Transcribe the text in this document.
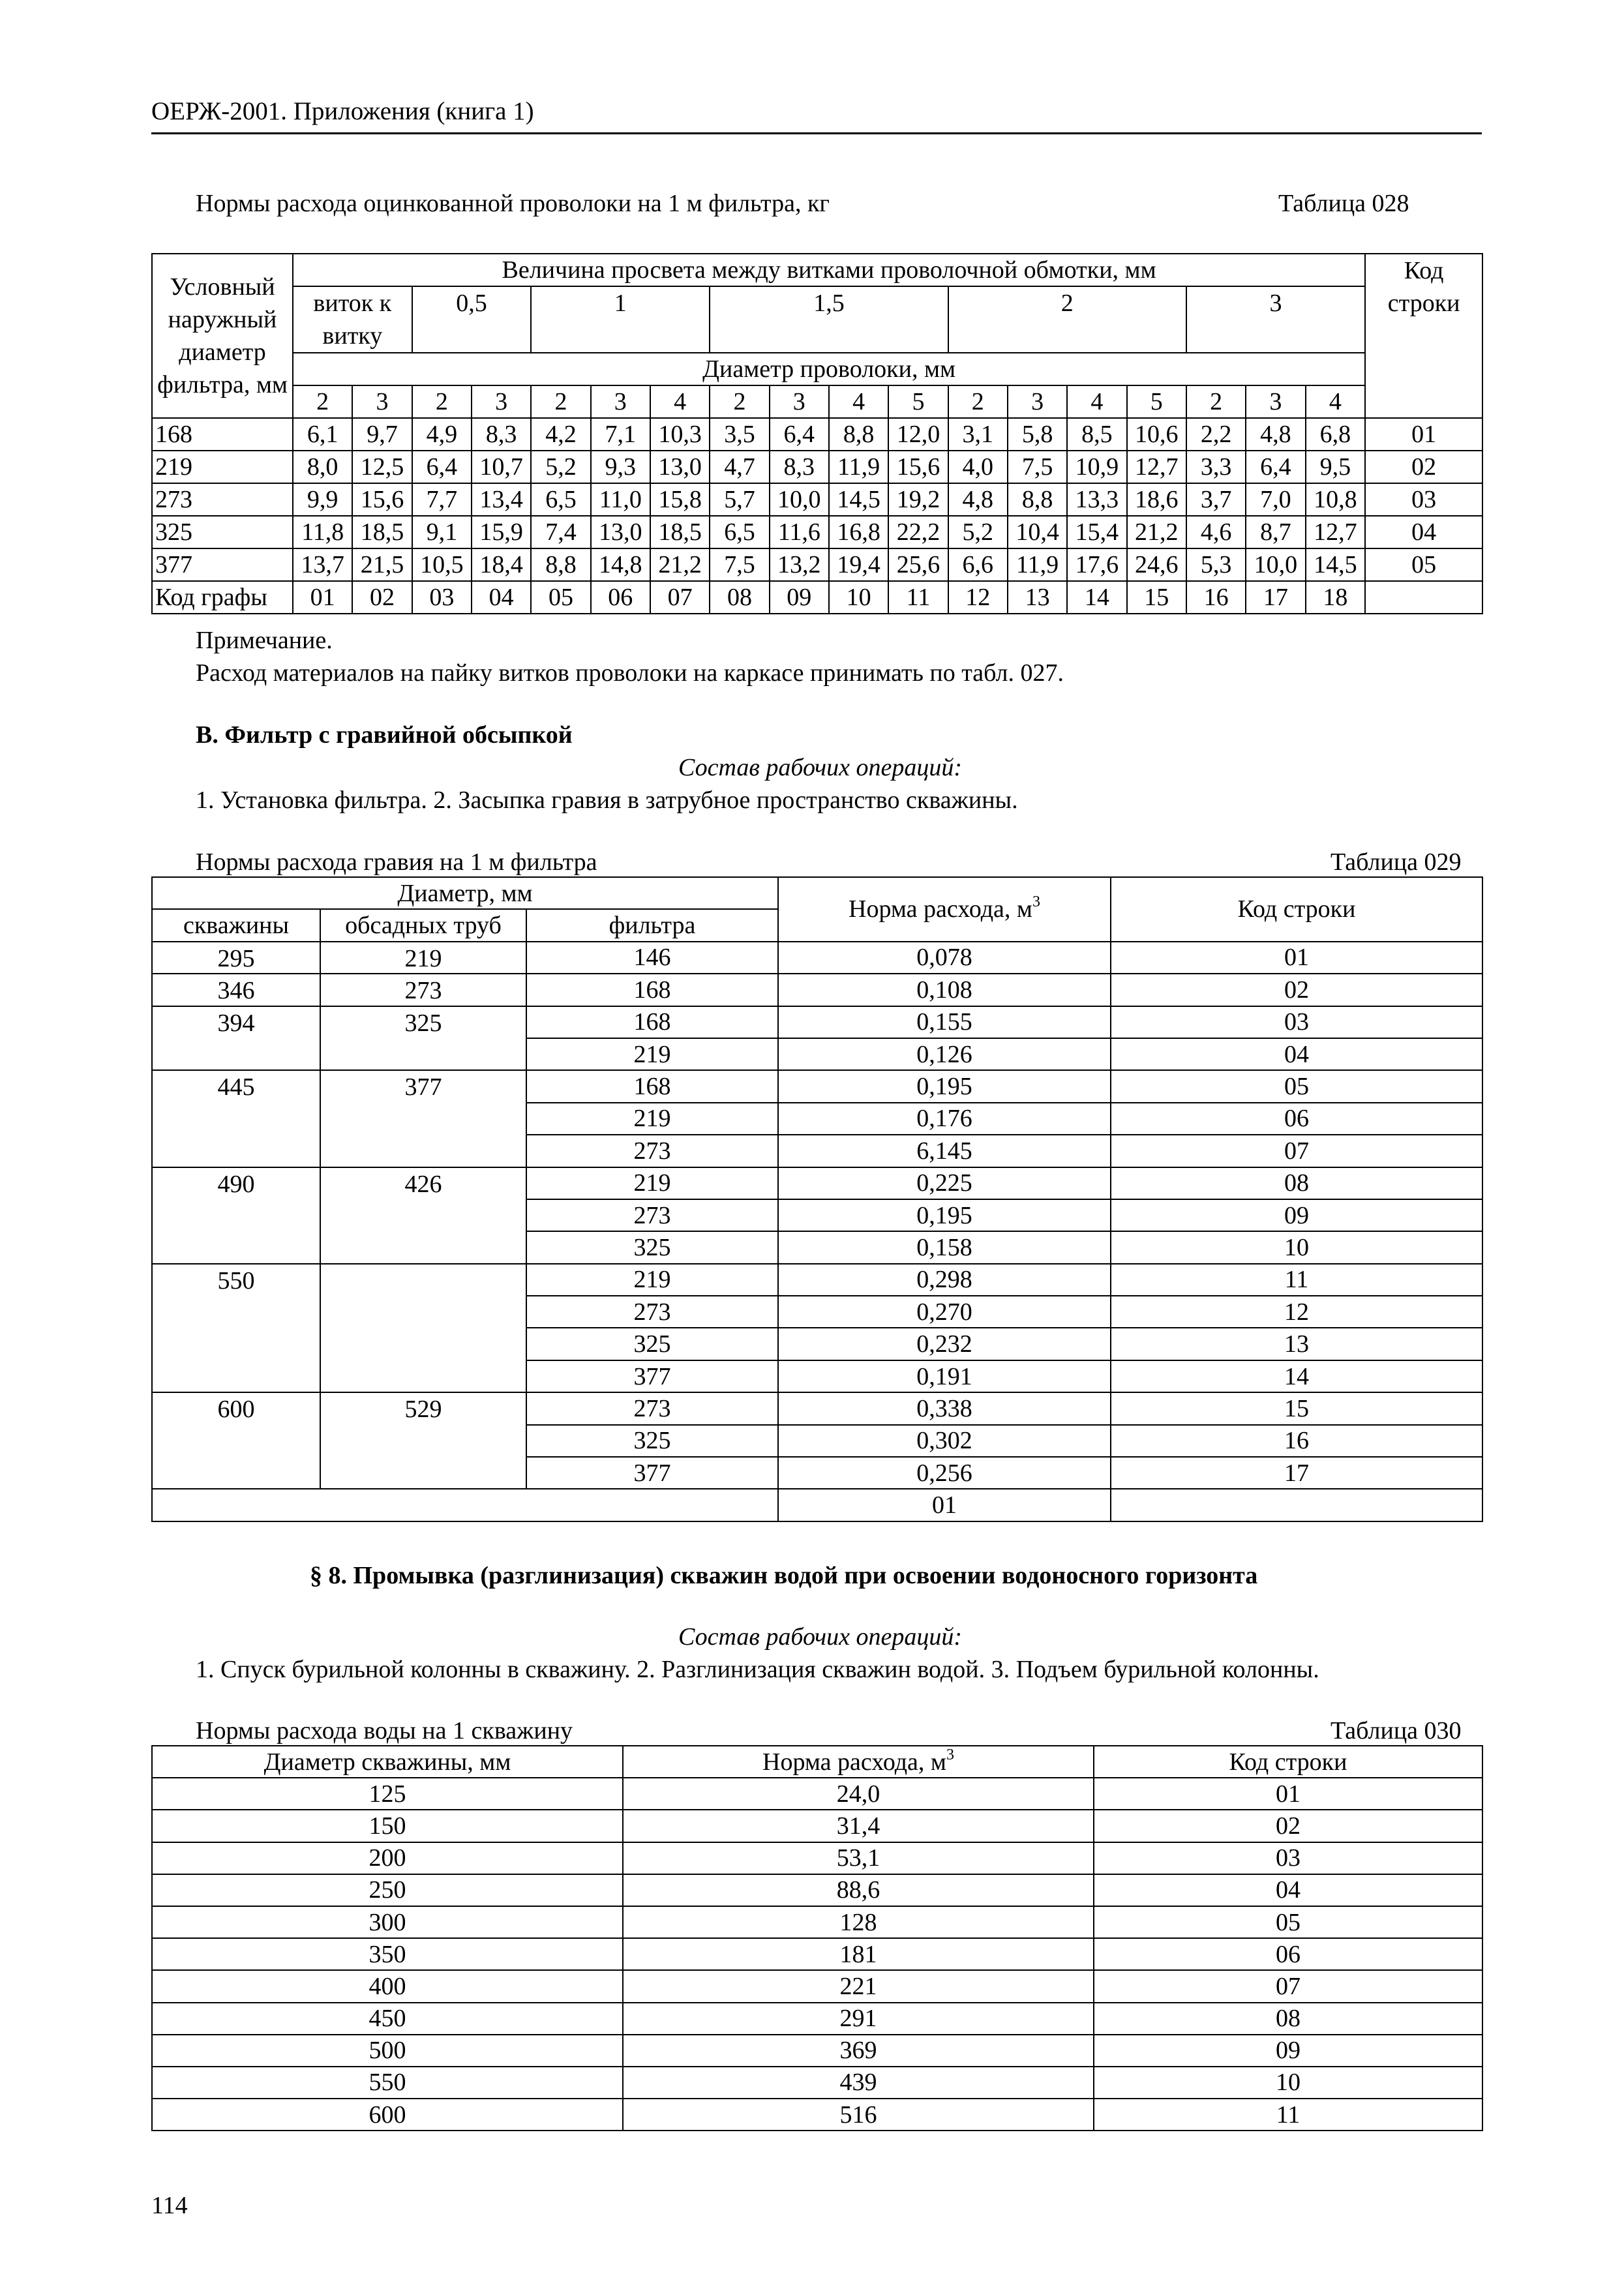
ОЕРЖ-2001. Приложения (книга 1)
Нормы расхода оцинкованной проволоки на 1 м фильтра, кг	Таблица 028
Условный наружный диаметр фильтра, мм	Величина просвета между витками проволочной обмотки, мм																		Код строки
	виток к витку		0,5		1			1,5				2				3			
	Диаметр проволоки, мм																		
	2	3	2	3	2	3	4	2	3	4	5	2	3	4	5	2	3	4	
168	6,1	9,7	4,9	8,3	4,2	7,1	10,3	3,5	6,4	8,8	12,0	3,1	5,8	8,5	10,6	2,2	4,8	6,8	01
219	8,0	12,5	6,4	10,7	5,2	9,3	13,0	4,7	8,3	11,9	15,6	4,0	7,5	10,9	12,7	3,3	6,4	9,5	02
273	9,9	15,6	7,7	13,4	6,5	11,0	15,8	5,7	10,0	14,5	19,2	4,8	8,8	13,3	18,6	3,7	7,0	10,8	03
325	11,8	18,5	9,1	15,9	7,4	13,0	18,5	6,5	11,6	16,8	22,2	5,2	10,4	15,4	21,2	4,6	8,7	12,7	04
377	13,7	21,5	10,5	18,4	8,8	14,8	21,2	7,5	13,2	19,4	25,6	6,6	11,9	17,6	24,6	5,3	10,0	14,5	05
Код графы	01	02	03	04	05	06	07	08	09	10	11	12	13	14	15	16	17	18	
Примечание.
Расход материалов на пайку витков проволоки на каркасе принимать по табл. 027.
В. Фильтр с гравийной обсыпкой
Состав рабочих операций:
1. Установка фильтра. 2. Засыпка гравия в затрубное пространство скважины.
Нормы расхода гравия на 1 м фильтра	Таблица 029
Диаметр, мм			Норма расхода, $м^3$	Код строки
скважины	обсадных труб	фильтра		
295	219	146	0,078	01
346	273	168	0,108	02
394	325	168	0,155	03
		219	0,126	04
445	377	168	0,195	05
		219	0,176	06
		273	6,145	07
490	426	219	0,225	08
		273	0,195	09
		325	0,158	10
550		219	0,298	11
		273	0,270	12
		325	0,232	13
		377	0,191	14
600	529	273	0,338	15
		325	0,302	16
		377	0,256	17
			01	
§ 8. Промывка (разглинизация) скважин водой при освоении водоносного горизонта
Состав рабочих операций:
1. Спуск бурильной колонны в скважину. 2. Разглинизация скважин водой. 3. Подъем бурильной колонны.
Нормы расхода воды на 1 скважину	Таблица 030
Диаметр скважины, мм	Норма расхода, $м^3$	Код строки
125	24,0	01
150	31,4	02
200	53,1	03
250	88,6	04
300	128	05
350	181	06
400	221	07
450	291	08
500	369	09
550	439	10
600	516	11
114
